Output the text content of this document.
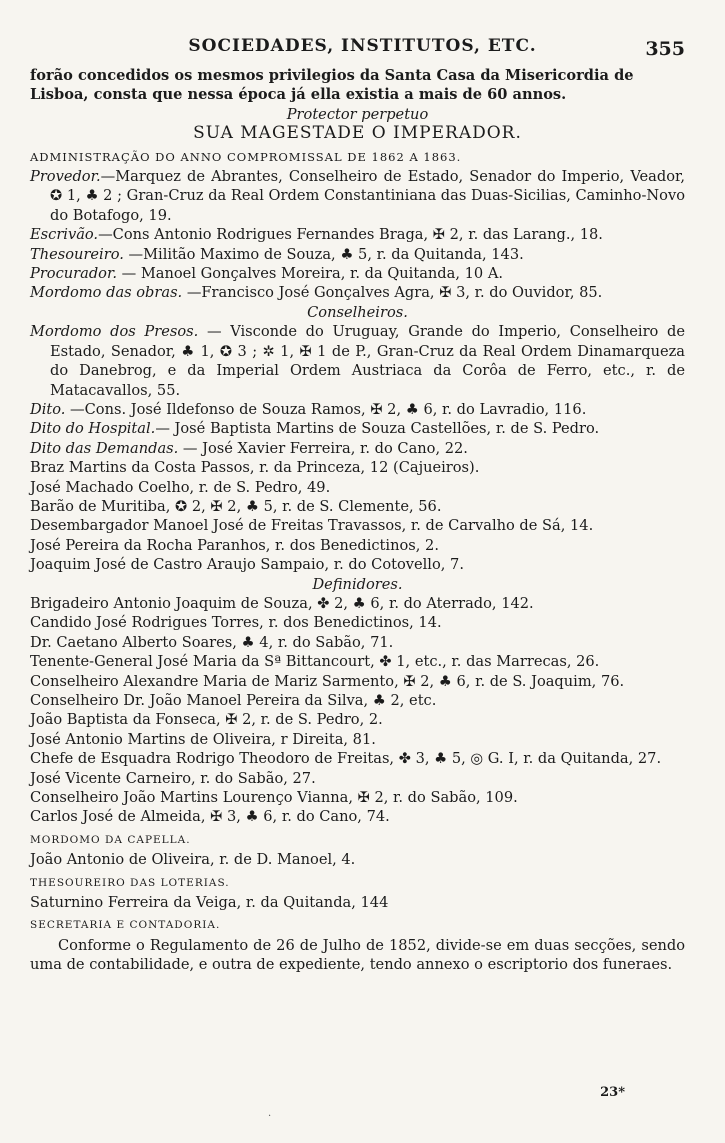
SOCIEDADES, INSTITUTOS, ETC.	355

forão concedidos os mesmos privilegios da Santa Casa da Misericordia de

Lisboa, consta que nessa época já ella existia a mais de 60 annos.

Protector perpetuo

SUA MAGESTADE O IMPERADOR.

ADMINISTRAÇÃO DO ANNO COMPROMISSAL DE 1862 A 1863.

Provedor.—Marquez de Abrantes, Conselheiro de Estado, Senador do Imperio, Veador, ✪ 1, ♣ 2 ; Gran-Cruz da Real Ordem Constantiniana das Duas-Sicilias, Caminho-Novo do Botafogo, 19.

Escrivão.—Cons Antonio Rodrigues Fernandes Braga, ✠ 2, r. das Larang., 18.

Thesoureiro. —Militão Maximo de Souza, ♣ 5, r. da Quitanda, 143.

Procurador. — Manoel Gonçalves Moreira, r. da Quitanda, 10 A.

Mordomo das obras. —Francisco José Gonçalves Agra, ✠ 3, r. do Ouvidor, 85.

Conselheiros.

Mordomo dos Presos. — Visconde do Uruguay, Grande do Imperio, Conselheiro de Estado, Senador, ♣ 1, ✪ 3 ; ✲ 1, ✠ 1 de P., Gran-Cruz da Real Ordem Dinamarqueza do Danebrog, e da Imperial Ordem Austriaca da Corôa de Ferro, etc., r. de Matacavallos, 55.

Dito. —Cons. José Ildefonso de Souza Ramos, ✠ 2, ♣ 6, r. do Lavradio, 116.

Dito do Hospital.— José Baptista Martins de Souza Castellões, r. de S. Pedro.

Dito das Demandas. — José Xavier Ferreira, r. do Cano, 22.

Braz Martins da Costa Passos, r. da Princeza, 12 (Cajueiros).

José Machado Coelho, r. de S. Pedro, 49.

Barão de Muritiba, ✪ 2, ✠ 2, ♣ 5, r. de S. Clemente, 56.

Desembargador Manoel José de Freitas Travassos, r. de Carvalho de Sá, 14.

José Pereira da Rocha Paranhos, r. dos Benedictinos, 2.

Joaquim José de Castro Araujo Sampaio, r. do Cotovello, 7.

Definidores.

Brigadeiro Antonio Joaquim de Souza, ✤ 2, ♣ 6, r. do Aterrado, 142.

Candido José Rodrigues Torres, r. dos Benedictinos, 14.

Dr. Caetano Alberto Soares, ♣ 4, r. do Sabão, 71.

Tenente-General José Maria da Sª Bittancourt, ✤ 1, etc., r. das Marrecas, 26.

Conselheiro Alexandre Maria de Mariz Sarmento, ✠ 2, ♣ 6, r. de S. Joaquim, 76.

Conselheiro Dr. João Manoel Pereira da Silva, ♣ 2, etc.

João Baptista da Fonseca, ✠ 2, r. de S. Pedro, 2.

José Antonio Martins de Oliveira, r Direita, 81.

Chefe de Esquadra Rodrigo Theodoro de Freitas, ✤ 3, ♣ 5, ◎ G. I, r. da Quitanda, 27.

José Vicente Carneiro, r. do Sabão, 27.

Conselheiro João Martins Lourenço Vianna, ✠ 2, r. do Sabão, 109.

Carlos José de Almeida, ✠ 3, ♣ 6, r. do Cano, 74.

MORDOMO DA CAPELLA.

João Antonio de Oliveira, r. de D. Manoel, 4.

THESOUREIRO DAS LOTERIAS.

Saturnino Ferreira da Veiga, r. da Quitanda, 144

SECRETARIA E CONTADORIA.

Conforme o Regulamento de 26 de Julho de 1852, divide-se em duas secções, sendo uma de contabilidade, e outra de expediente, tendo annexo o escriptorio dos funeraes.

23*
.
